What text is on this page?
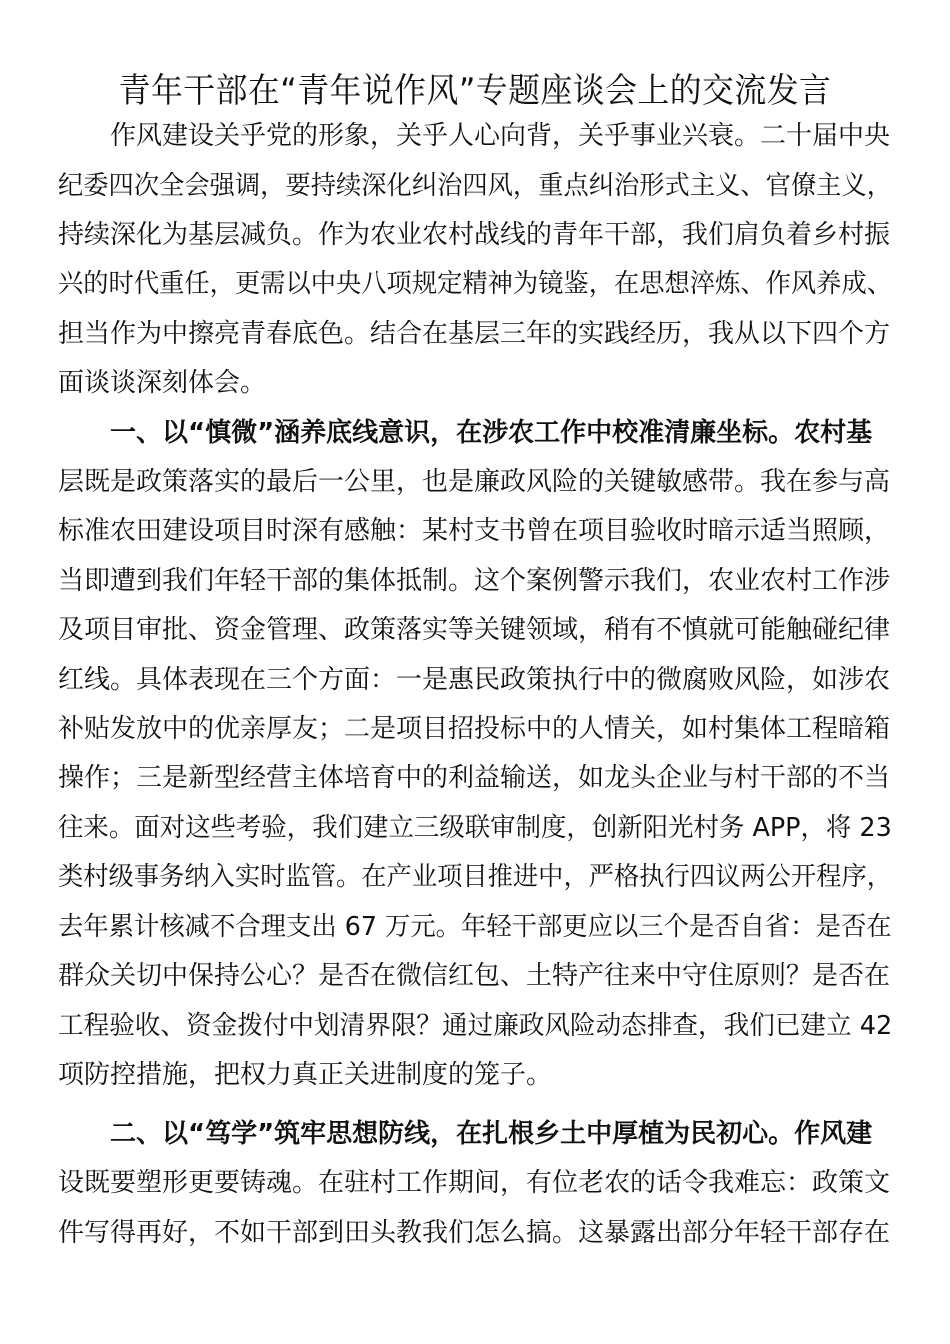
青年干部在“青年说作风”专题座谈会上的交流发言
作风建设关乎党的形象，关乎人心向背，关乎事业兴衰。二十届中央
纪委四次全会强调，要持续深化纠治四风，重点纠治形式主义、官僚主义，
持续深化为基层减负。作为农业农村战线的青年干部，我们肩负着乡村振
兴的时代重任，更需以中央八项规定精神为镜鉴，在思想淬炼、作风养成、
担当作为中擦亮青春底色。结合在基层三年的实践经历，我从以下四个方
面谈谈深刻体会。
一、以“慎微”涵养底线意识，在涉农工作中校准清廉坐标。农村基
层既是政策落实的最后一公里，也是廉政风险的关键敏感带。我在参与高
标准农田建设项目时深有感触：某村支书曾在项目验收时暗示适当照顾，
当即遭到我们年轻干部的集体抵制。这个案例警示我们，农业农村工作涉
及项目审批、资金管理、政策落实等关键领域，稍有不慎就可能触碰纪律
红线。具体表现在三个方面：一是惠民政策执行中的微腐败风险，如涉农
补贴发放中的优亲厚友；二是项目招投标中的人情关，如村集体工程暗箱
操作；三是新型经营主体培育中的利益输送，如龙头企业与村干部的不当
往来。面对这些考验，我们建立三级联审制度，创新阳光村务 APP，将 23
类村级事务纳入实时监管。在产业项目推进中，严格执行四议两公开程序，
去年累计核减不合理支出 67 万元。年轻干部更应以三个是否自省：是否在
群众关切中保持公心？是否在微信红包、土特产往来中守住原则？是否在
工程验收、资金拨付中划清界限？通过廉政风险动态排查，我们已建立 42
项防控措施，把权力真正关进制度的笼子。
二、以“笃学”筑牢思想防线，在扎根乡土中厚植为民初心。作风建
设既要塑形更要铸魂。在驻村工作期间，有位老农的话令我难忘：政策文
件写得再好，不如干部到田头教我们怎么搞。这暴露出部分年轻干部存在
